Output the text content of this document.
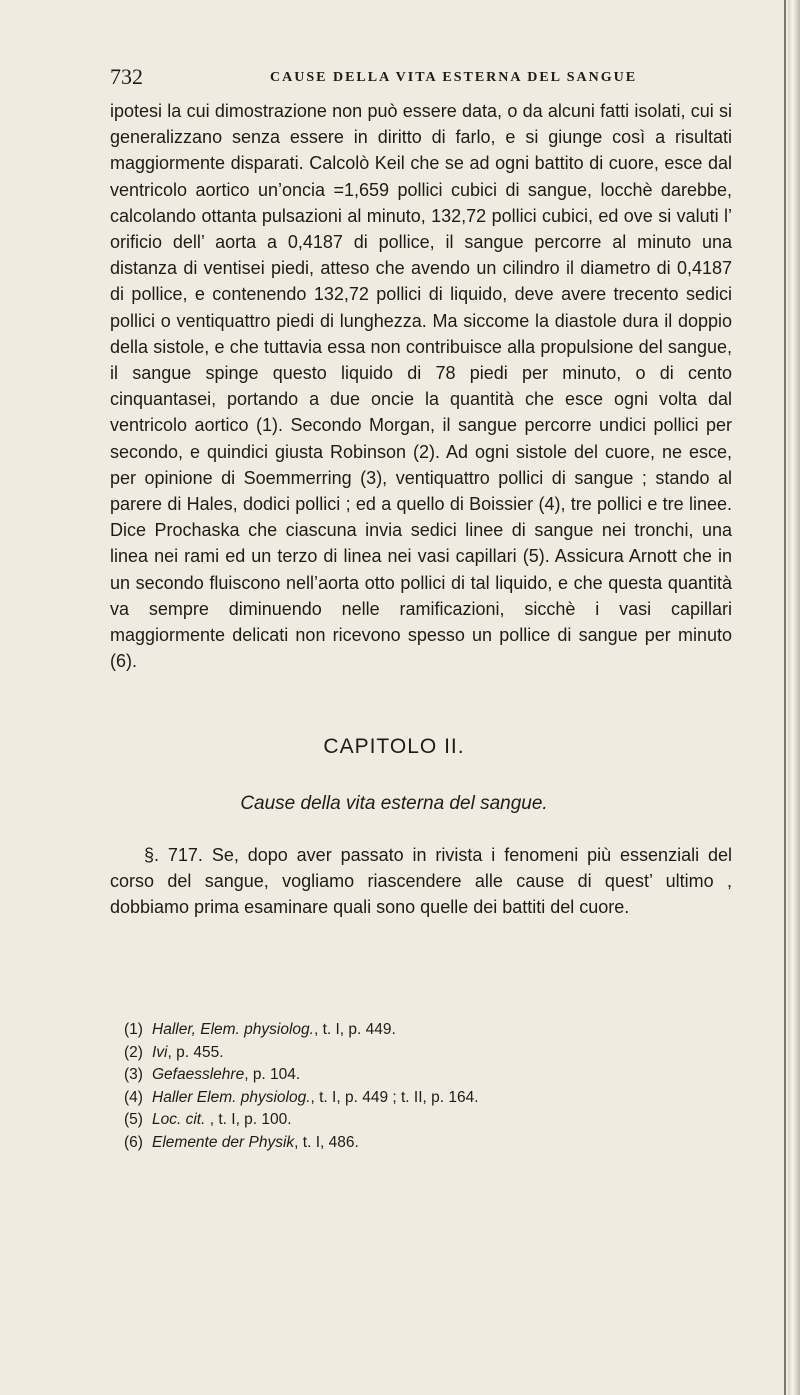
732	CAUSE DELLA VITA ESTERNA DEL SANGUE

ipotesi la cui dimostrazione non può essere data, o da alcuni fatti isolati, cui si generalizzano senza essere in diritto di farlo, e si giunge così a risultati maggiormente disparati. Calcolò Keil che se ad ogni battito di cuore, esce dal ventricolo aortico un’oncia =1,659 pollici cubici di sangue, locchè darebbe, calcolando ottanta pulsazioni al minuto, 132,72 pollici cubici, ed ove si valuti l’ orificio dell’ aorta a 0,4187 di pollice, il sangue percorre al minuto una distanza di ventisei piedi, atteso che avendo un cilindro il diametro di 0,4187 di pollice, e contenendo 132,72 pollici di liquido, deve avere trecento sedici pollici o ventiquattro piedi di lunghezza. Ma siccome la diastole dura il doppio della sistole, e che tuttavia essa non contribuisce alla propulsione del sangue, il sangue spinge questo liquido di 78 piedi per minuto, o di cento cinquantasei, portando a due oncie la quantità che esce ogni volta dal ventricolo aortico (1). Secondo Morgan, il sangue percorre undici pollici per secondo, e quindici giusta Robinson (2). Ad ogni sistole del cuore, ne esce, per opinione di Soemmerring (3), ventiquattro pollici di sangue ; stando al parere di Hales, dodici pollici ; ed a quello di Boissier (4), tre pollici e tre linee. Dice Prochaska che ciascuna invia sedici linee di sangue nei tronchi, una linea nei rami ed un terzo di linea nei vasi capillari (5). Assicura Arnott che in un secondo fluiscono nell’aorta otto pollici di tal liquido, e che questa quantità va sempre diminuendo nelle ramificazioni, sicchè i vasi capillari maggiormente delicati non ricevono spesso un pollice di sangue per minuto (6).

CAPITOLO II.
Cause della vita esterna del sangue.

§. 717. Se, dopo aver passato in rivista i fenomeni più essenziali del corso del sangue, vogliamo riascendere alle cause di quest’ ultimo , dobbiamo prima esaminare quali sono quelle dei battiti del cuore.

(1) Haller, Elem. physiolog., t. I, p. 449.
(2) Ivi, p. 455.
(3) Gefaesslehre, p. 104.
(4) Haller Elem. physiolog., t. I, p. 449 ; t. II, p. 164.
(5) Loc. cit. , t. I, p. 100.
(6) Elemente der Physik, t. I, 486.
